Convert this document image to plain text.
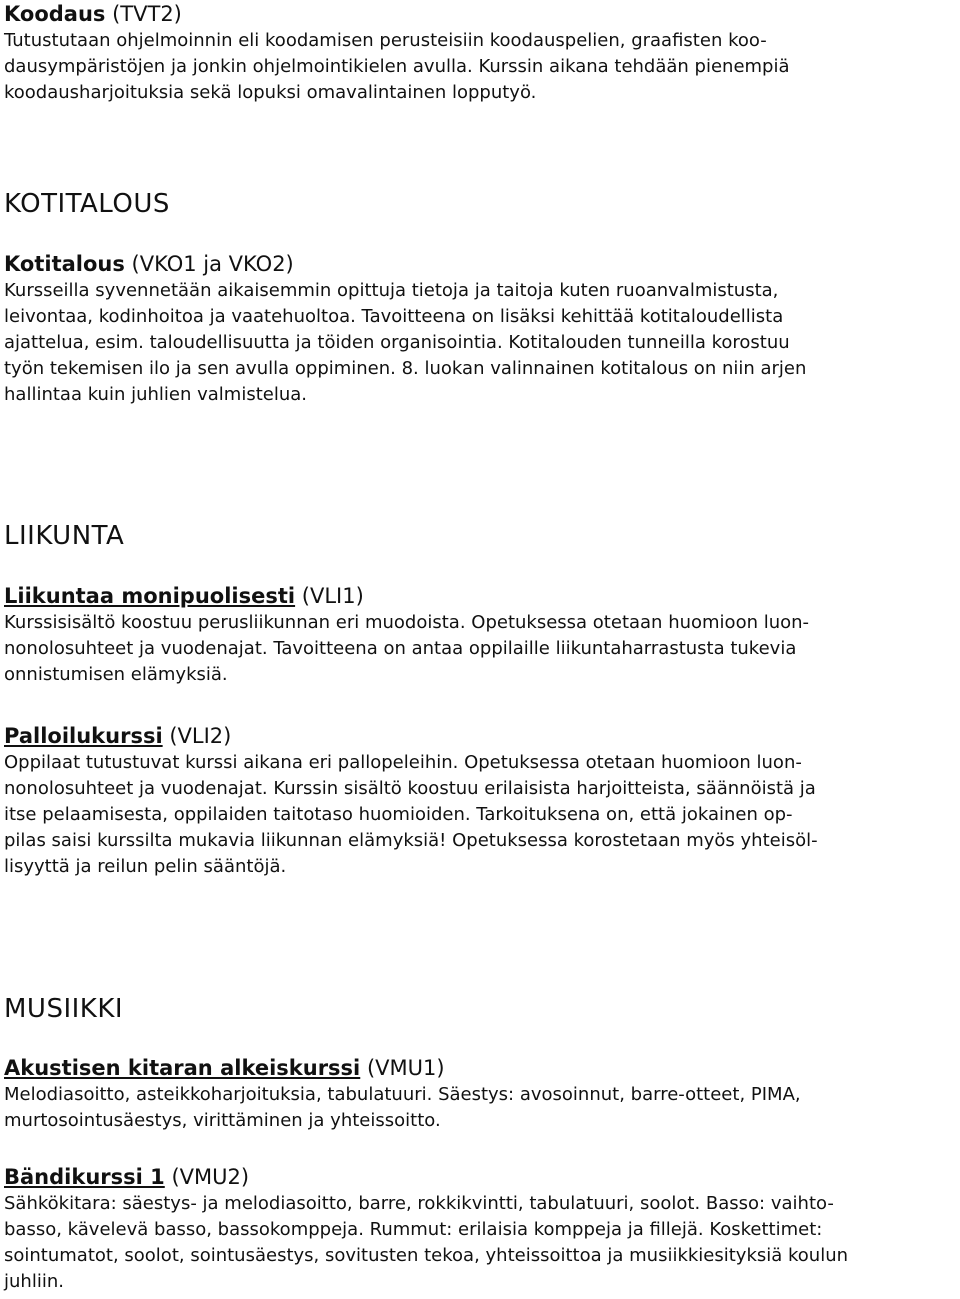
Koodaus (TVT2)

Tutustutaan ohjelmoinnin eli koodamisen perusteisiin koodauspelien, graafisten koo-
dausympäristöjen ja jonkin ohjelmointikielen avulla. Kurssin aikana tehdään pienempiä
koodausharjoituksia sekä lopuksi omavalintainen lopputyö.

KOTITALOUS

Kotitalous (VKO1 ja VKO2)

Kursseilla syvennetään aikaisemmin opittuja tietoja ja taitoja kuten ruoanvalmistusta,
leivontaa, kodinhoitoa ja vaatehuoltoa. Tavoitteena on lisäksi kehittää kotitaloudellista
ajattelua, esim. taloudellisuutta ja töiden organisointia. Kotitalouden tunneilla korostuu
työn tekemisen ilo ja sen avulla oppiminen. 8. luokan valinnainen kotitalous on niin arjen
hallintaa kuin juhlien valmistelua.

LIIKUNTA

Liikuntaa monipuolisesti (VLI1)

Kurssisisältö koostuu perusliikunnan eri muodoista. Opetuksessa otetaan huomioon luon-
nonolosuhteet ja vuodenajat. Tavoitteena on antaa oppilaille liikuntaharrastusta tukevia
onnistumisen elämyksiä.

Palloilukurssi (VLI2)

Oppilaat tutustuvat kurssi aikana eri pallopeleihin. Opetuksessa otetaan huomioon luon-
nonolosuhteet ja vuodenajat. Kurssin sisältö koostuu erilaisista harjoitteista, säännöistä ja
itse pelaamisesta, oppilaiden taitotaso huomioiden. Tarkoituksena on, että jokainen op-
pilas saisi kurssilta mukavia liikunnan elämyksiä! Opetuksessa korostetaan myös yhteisöl-
lisyyttä ja reilun pelin sääntöjä.

MUSIIKKI

Akustisen kitaran alkeiskurssi (VMU1)

Melodiasoitto, asteikkoharjoituksia, tabulatuuri. Säestys: avosoinnut, barre-otteet, PIMA,
murtosointusäestys, virittäminen ja yhteissoitto.

Bändikurssi 1 (VMU2)

Sähkökitara: säestys- ja melodiasoitto, barre, rokkikvintti, tabulatuuri, soolot. Basso: vaihto-
basso, kävelevä basso, bassokomppeja. Rummut: erilaisia komppeja ja fillejä. Koskettimet:
sointumatot, soolot, sointusäestys, sovitusten tekoa, yhteissoittoa ja musiikkiesityksiä koulun
juhliin.
